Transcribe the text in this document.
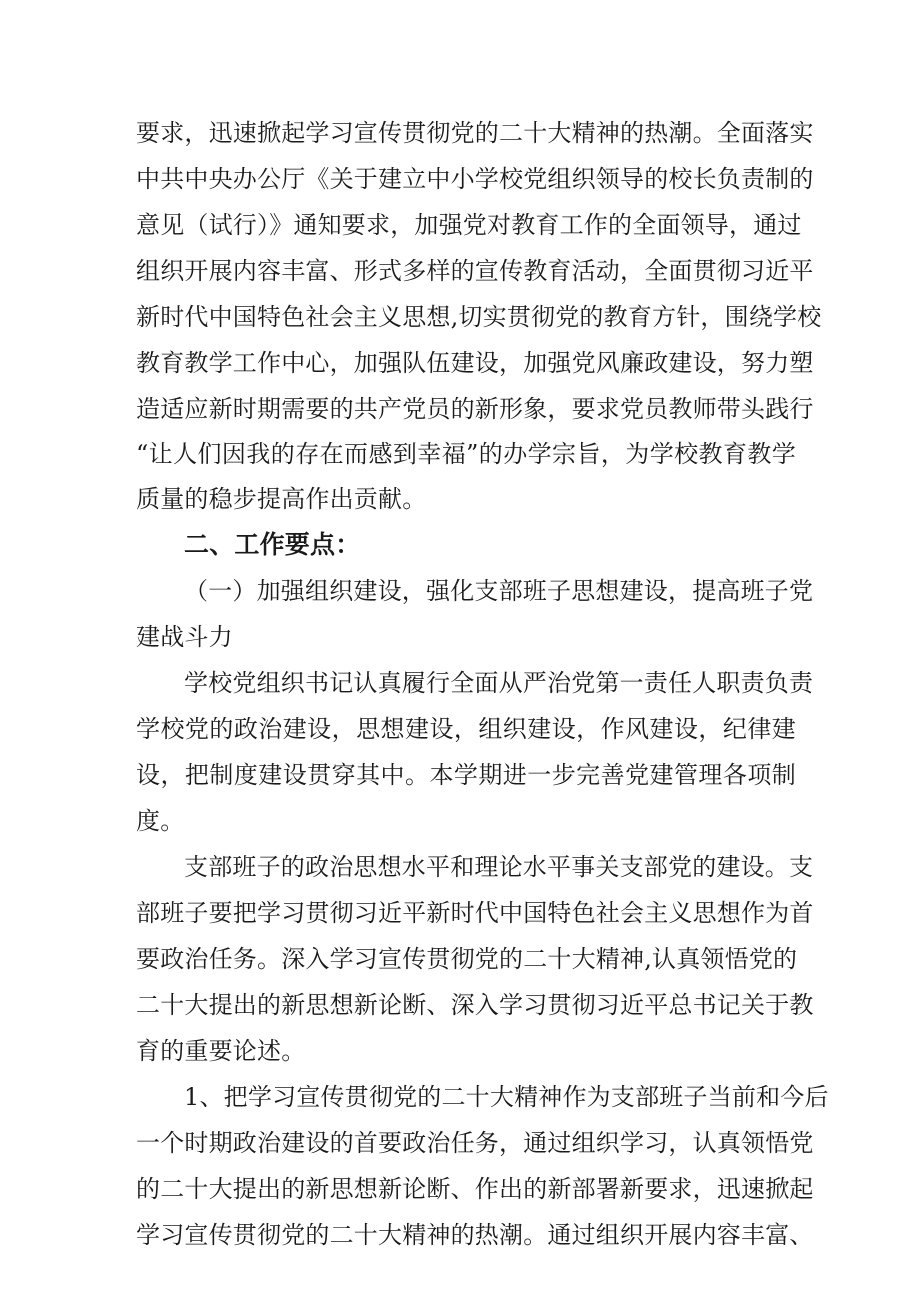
要求，迅速掀起学习宣传贯彻党的二十大精神的热潮。全面落实
中共中央办公厅《关于建立中小学校党组织领导的校长负责制的
意见（试行）》通知要求，加强党对教育工作的全面领导，通过
组织开展内容丰富、形式多样的宣传教育活动，全面贯彻习近平
新时代中国特色社会主义思想,切实贯彻党的教育方针，围绕学校
教育教学工作中心，加强队伍建设，加强党风廉政建设，努力塑
造适应新时期需要的共产党员的新形象，要求党员教师带头践行
“让人们因我的存在而感到幸福”的办学宗旨，为学校教育教学
质量的稳步提高作出贡献。
二、工作要点：
（一）加强组织建设，强化支部班子思想建设，提高班子党
建战斗力
学校党组织书记认真履行全面从严治党第一责任人职责负责
学校党的政治建设，思想建设，组织建设，作风建设，纪律建
设，把制度建设贯穿其中。本学期进一步完善党建管理各项制
度。
支部班子的政治思想水平和理论水平事关支部党的建设。支
部班子要把学习贯彻习近平新时代中国特色社会主义思想作为首
要政治任务。深入学习宣传贯彻党的二十大精神,认真领悟党的
二十大提出的新思想新论断、深入学习贯彻习近平总书记关于教
育的重要论述。
1、把学习宣传贯彻党的二十大精神作为支部班子当前和今后
一个时期政治建设的首要政治任务，通过组织学习，认真领悟党
的二十大提出的新思想新论断、作出的新部署新要求，迅速掀起
学习宣传贯彻党的二十大精神的热潮。通过组织开展内容丰富、
